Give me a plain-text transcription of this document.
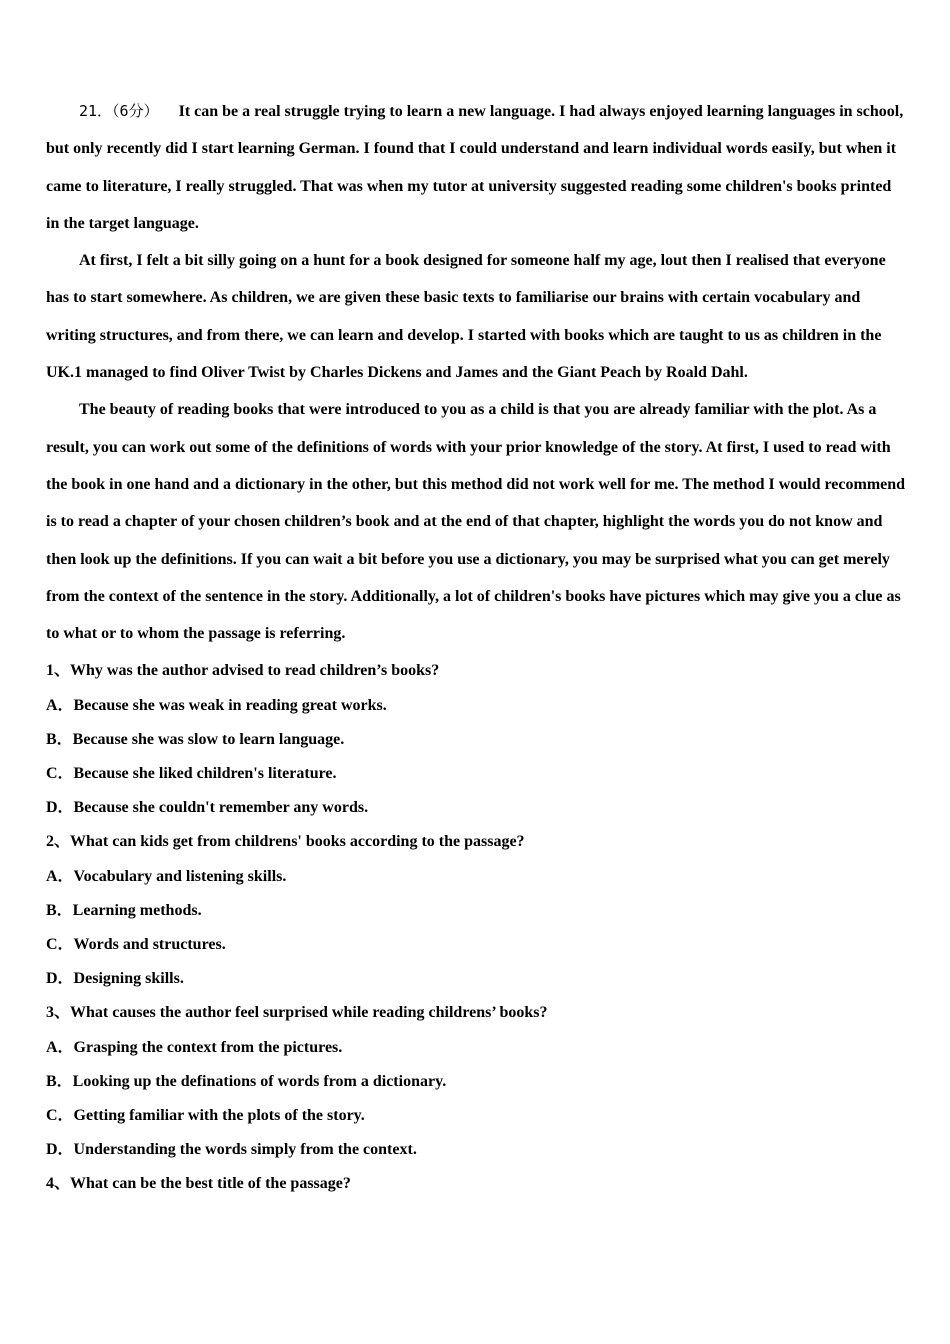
21．（6分） It can be a real struggle trying to learn a new language. I had always enjoyed learning languages in school, but only recently did I start learning German. I found that I could understand and learn individual words easiIy, but when it came to literature, I really struggled. That was when my tutor at university suggested reading some children's books printed in the target language.

At first, I felt a bit silly going on a hunt for a book designed for someone half my age, lout then I realised that everyone has to start somewhere. As children, we are given these basic texts to familiarise our brains with certain vocabulary and writing structures, and from there, we can learn and develop. I started with books which are taught to us as children in the UK.1 managed to find Oliver Twist by Charles Dickens and James and the Giant Peach by Roald Dahl.

The beauty of reading books that were introduced to you as a child is that you are already familiar with the plot. As a result, you can work out some of the definitions of words with your prior knowledge of the story. At first, I used to read with the book in one hand and a dictionary in the other, but this method did not work well for me. The method I would recommend is to read a chapter of your chosen children’s book and at the end of that chapter, highlight the words you do not know and then look up the definitions. If you can wait a bit before you use a dictionary, you may be surprised what you can get merely from the context of the sentence in the story. Additionally, a lot of children's books have pictures which may give you a clue as to what or to whom the passage is referring.

1、Why was the author advised to read children’s books?

A．Because she was weak in reading great works.

B．Because she was slow to learn language.

C．Because she liked children's literature.

D．Because she couldn't remember any words.

2、What can kids get from childrens' books according to the passage?

A．Vocabulary and listening skills.

B．Learning methods.

C．Words and structures.

D．Designing skills.

3、What causes the author feel surprised while reading childrens’ books?

A．Grasping the context from the pictures.

B．Looking up the definations of words from a dictionary.

C．Getting familiar with the plots of the story.

D．Understanding the words simply from the context.

4、What can be the best title of the passage?
